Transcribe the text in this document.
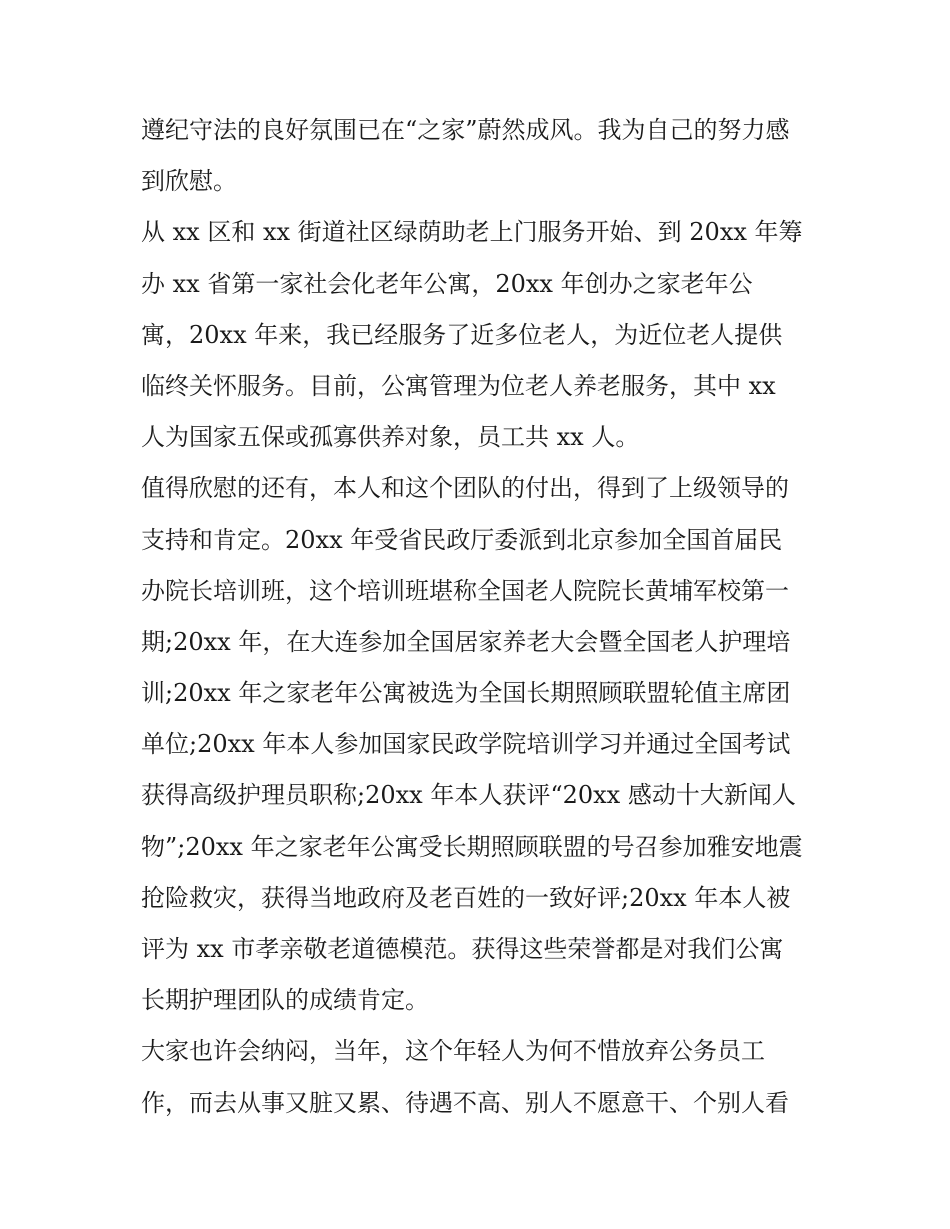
遵纪守法的良好氛围已在“之家”蔚然成风。我为自己的努力感
到欣慰。
从 xx 区和 xx 街道社区绿荫助老上门服务开始、到 20xx 年筹
办 xx 省第一家社会化老年公寓，20xx 年创办之家老年公
寓，20xx 年来，我已经服务了近多位老人，为近位老人提供
临终关怀服务。目前，公寓管理为位老人养老服务，其中 xx
人为国家五保或孤寡供养对象，员工共 xx 人。
值得欣慰的还有，本人和这个团队的付出，得到了上级领导的
支持和肯定。20xx 年受省民政厅委派到北京参加全国首届民
办院长培训班，这个培训班堪称全国老人院院长黄埔军校第一
期;20xx 年，在大连参加全国居家养老大会暨全国老人护理培
训;20xx 年之家老年公寓被选为全国长期照顾联盟轮值主席团
单位;20xx 年本人参加国家民政学院培训学习并通过全国考试
获得高级护理员职称;20xx 年本人获评“20xx 感动十大新闻人
物”;20xx 年之家老年公寓受长期照顾联盟的号召参加雅安地震
抢险救灾，获得当地政府及老百姓的一致好评;20xx 年本人被
评为 xx 市孝亲敬老道德模范。获得这些荣誉都是对我们公寓
长期护理团队的成绩肯定。
大家也许会纳闷，当年，这个年轻人为何不惜放弃公务员工
作，而去从事又脏又累、待遇不高、别人不愿意干、个别人看
